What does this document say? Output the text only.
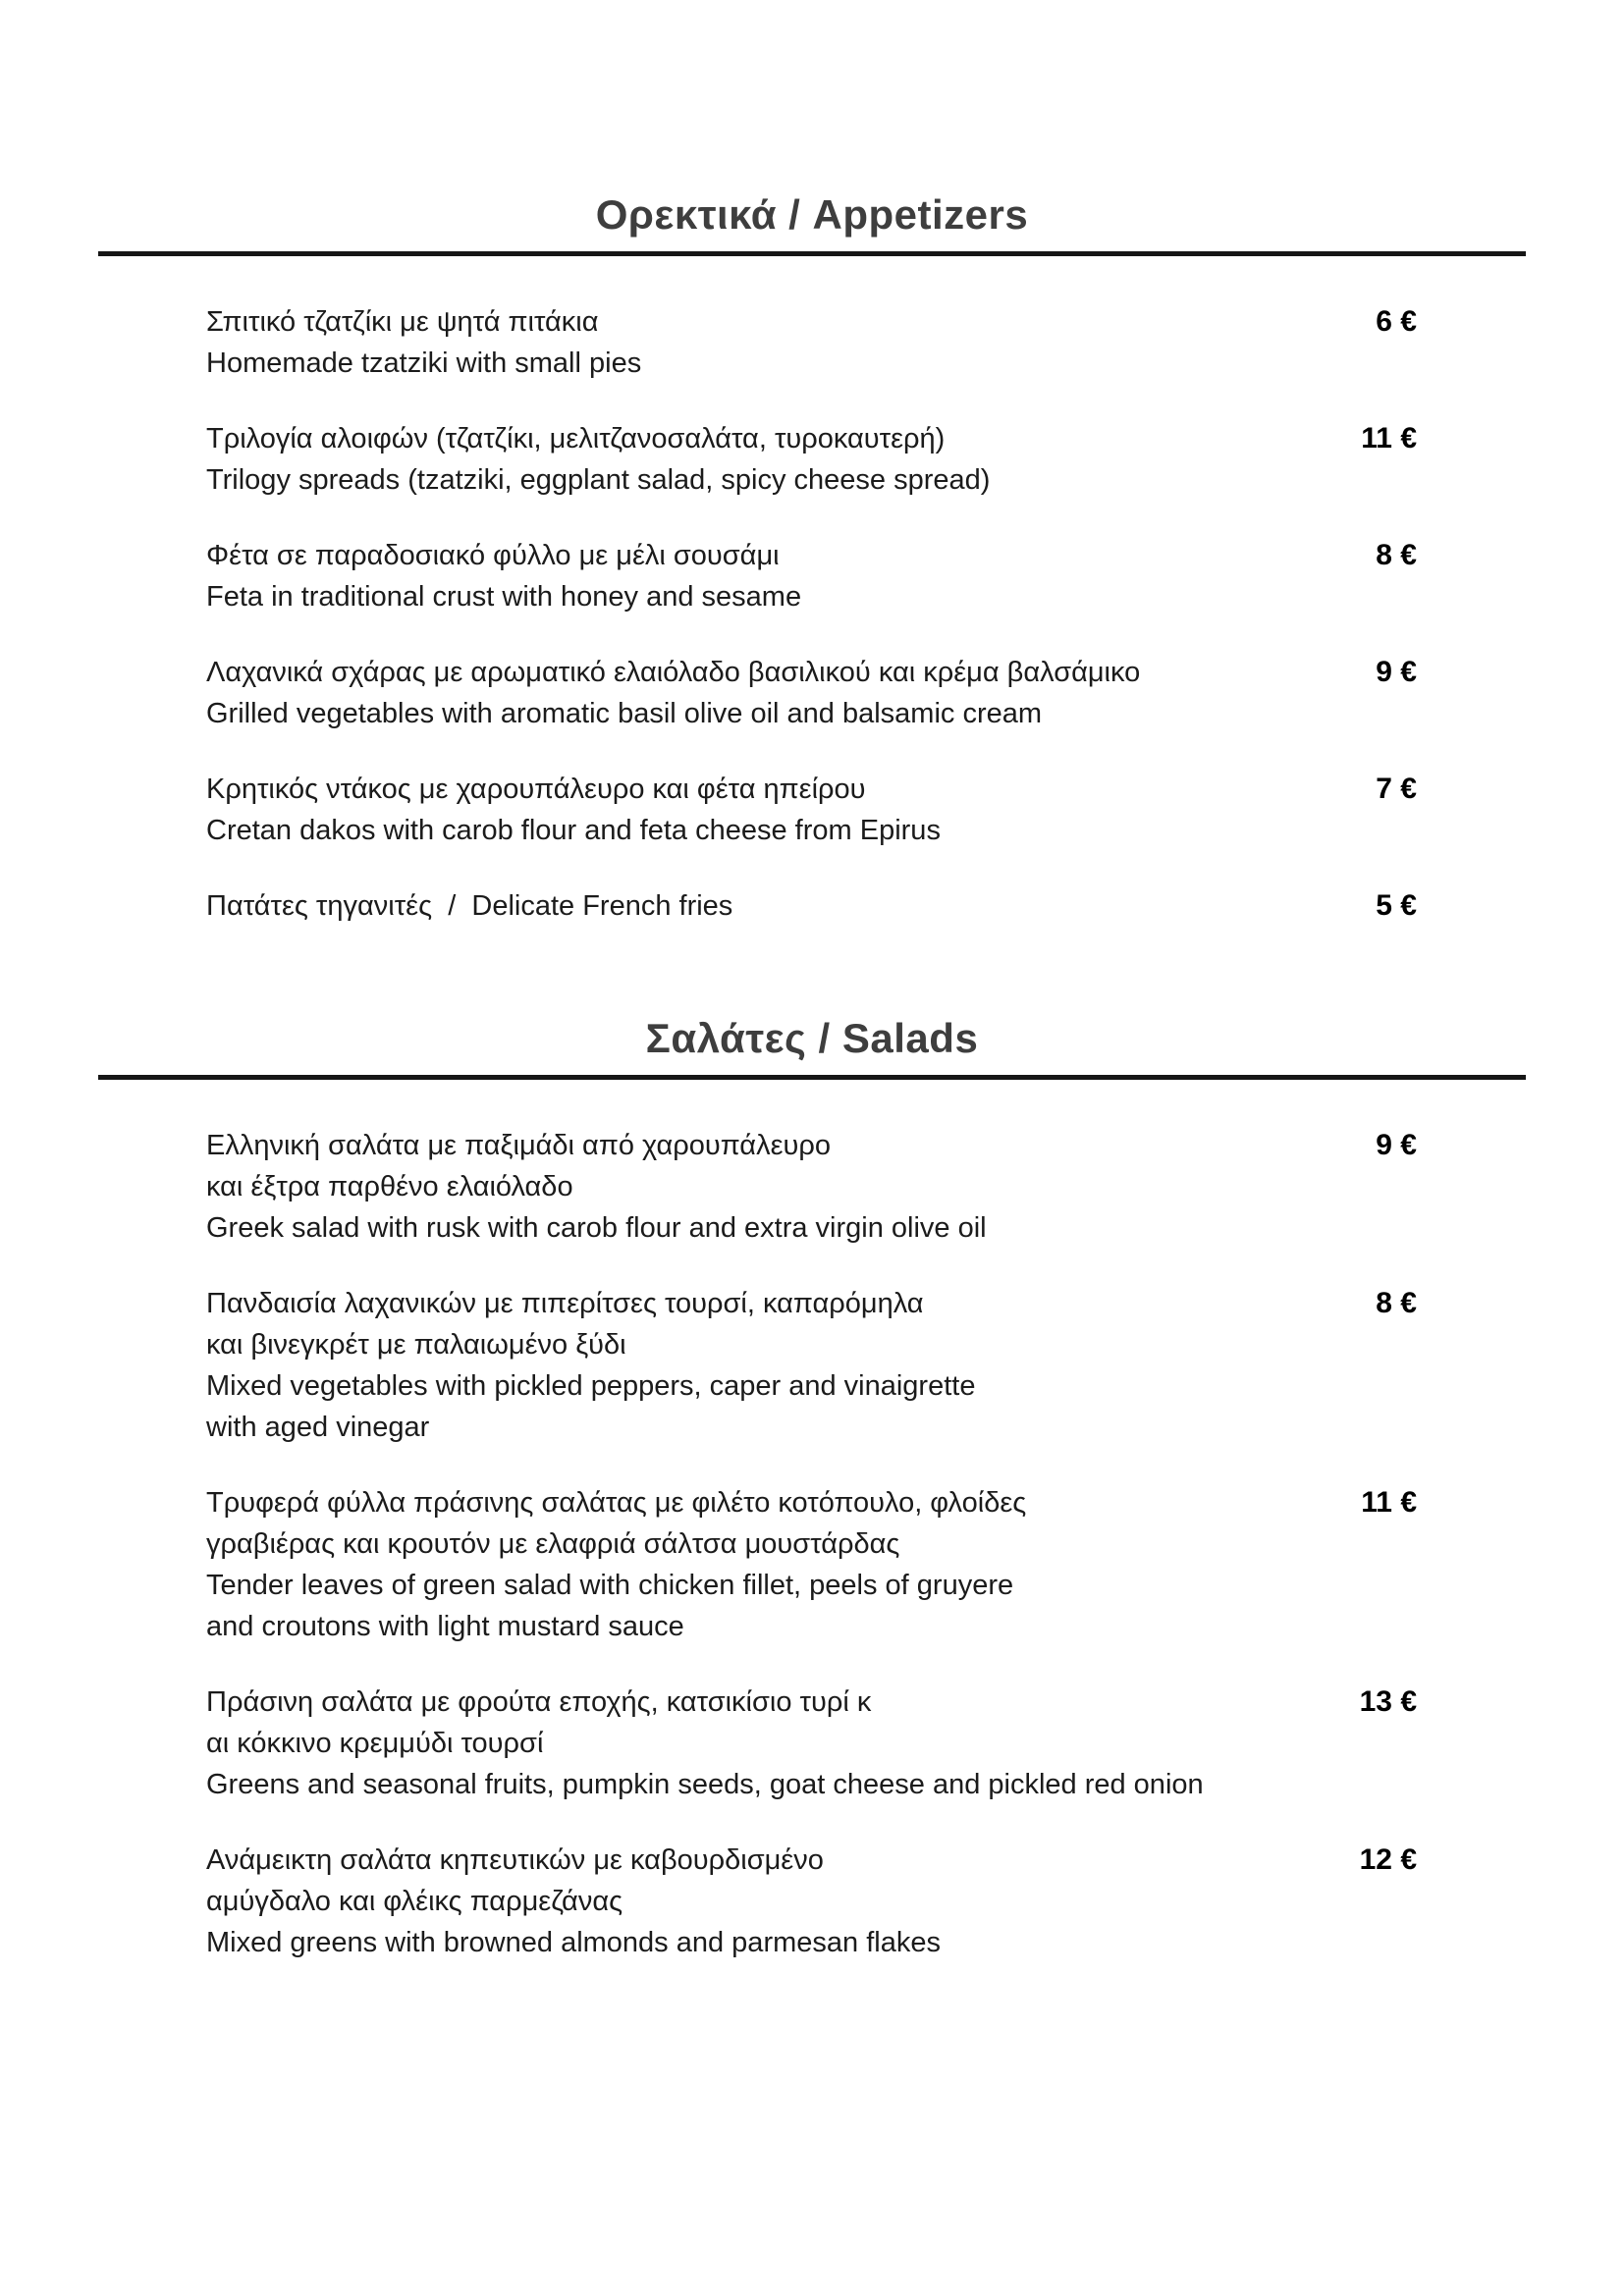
Ορεκτικά / Appetizers
Σπιτικό τζατζίκι με ψητά πιτάκια
Homemade tzatziki with small pies
6 €
Τριλογία αλοιφών (τζατζίκι, μελιτζανοσαλάτα, τυροκαυτερή)
Trilogy spreads (tzatziki, eggplant salad, spicy cheese spread)
11 €
Φέτα σε παραδοσιακό φύλλο με μέλι σουσάμι
Feta in traditional crust with honey and sesame
8 €
Λαχανικά σχάρας με αρωματικό ελαιόλαδο βασιλικού και κρέμα βαλσάμικο
Grilled vegetables with aromatic basil olive oil and balsamic cream
9 €
Κρητικός ντάκος με χαρουπάλευρο και φέτα ηπείρου
Cretan dakos with carob flour and feta cheese from Epirus
7 €
Πατάτες τηγανιτές  /  Delicate French fries	5 €
Σαλάτες / Salads
Ελληνική σαλάτα με παξιμάδι από χαρουπάλευρο
και έξτρα παρθένο ελαιόλαδο
Greek salad with rusk with carob flour and extra virgin olive oil
9 €
Πανδαισία λαχανικών με πιπερίτσες τουρσί, καπαρόμηλα
και βινεγκρέτ με παλαιωμένο ξύδι
Mixed vegetables with pickled peppers, caper and vinaigrette
with aged vinegar
8 €
Τρυφερά φύλλα πράσινης σαλάτας με φιλέτο κοτόπουλο, φλοίδες
γραβιέρας και κρουτόν με ελαφριά σάλτσα μουστάρδας
Tender leaves of green salad with chicken fillet, peels of gruyere
and croutons with light mustard sauce
11 €
Πράσινη σαλάτα με φρούτα εποχής, κατσικίσιο τυρί κ
αι κόκκινο κρεμμύδι τουρσί
Greens and seasonal fruits, pumpkin seeds, goat cheese and pickled red onion
13 €
Ανάμεικτη σαλάτα κηπευτικών με καβουρδισμένο
αμύγδαλο και φλέικς παρμεζάνας
Mixed greens with browned almonds and parmesan flakes
12 €
